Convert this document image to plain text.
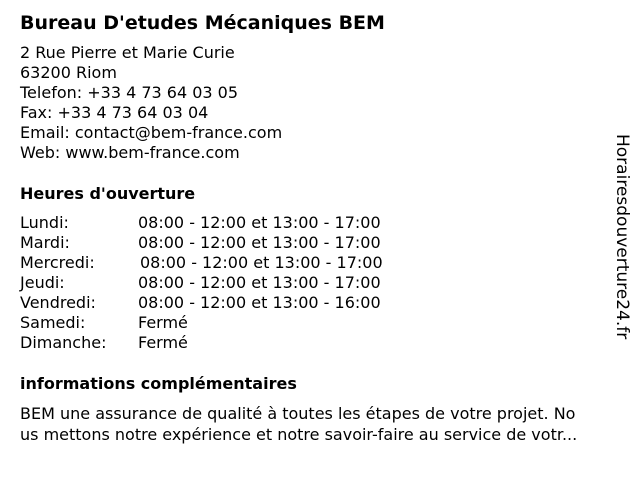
Bureau D'etudes Mécaniques BEM
2 Rue Pierre et Marie Curie
63200 Riom
Telefon: +33 4 73 64 03 05
Fax: +33 4 73 64 03 04
Email: contact@bem-france.com
Web: www.bem-france.com
Heures d'ouverture
Lundi:	08:00 - 12:00 et 13:00 - 17:00
Mardi:	08:00 - 12:00 et 13:00 - 17:00
Mercredi:	08:00 - 12:00 et 13:00 - 17:00
Jeudi:	08:00 - 12:00 et 13:00 - 17:00
Vendredi:	08:00 - 12:00 et 13:00 - 16:00
Samedi:	Fermé
Dimanche: Fermé
informations complémentaires
BEM une assurance de qualité à toutes les étapes de votre projet. No
us mettons notre expérience et notre savoir-faire au service de votr...
Horairesdouverture24.fr
